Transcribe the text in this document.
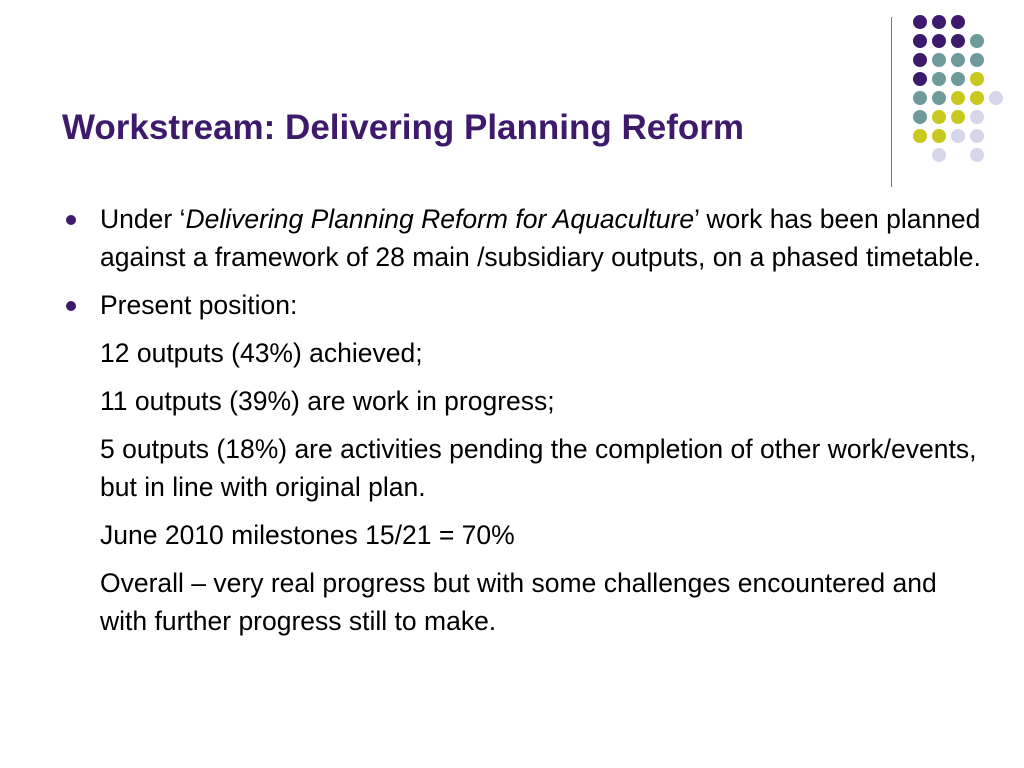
Workstream: Delivering Planning Reform
Under ‘Delivering Planning Reform for Aquaculture’ work has been planned against a framework of 28 main /subsidiary outputs, on a phased timetable.
Present position:
12 outputs (43%) achieved;
11 outputs (39%) are work in progress;
5 outputs (18%) are activities pending the completion of other work/events, but in line with original plan.
June 2010 milestones 15/21 = 70%
Overall – very real progress but with some challenges encountered and with further progress still to make.
